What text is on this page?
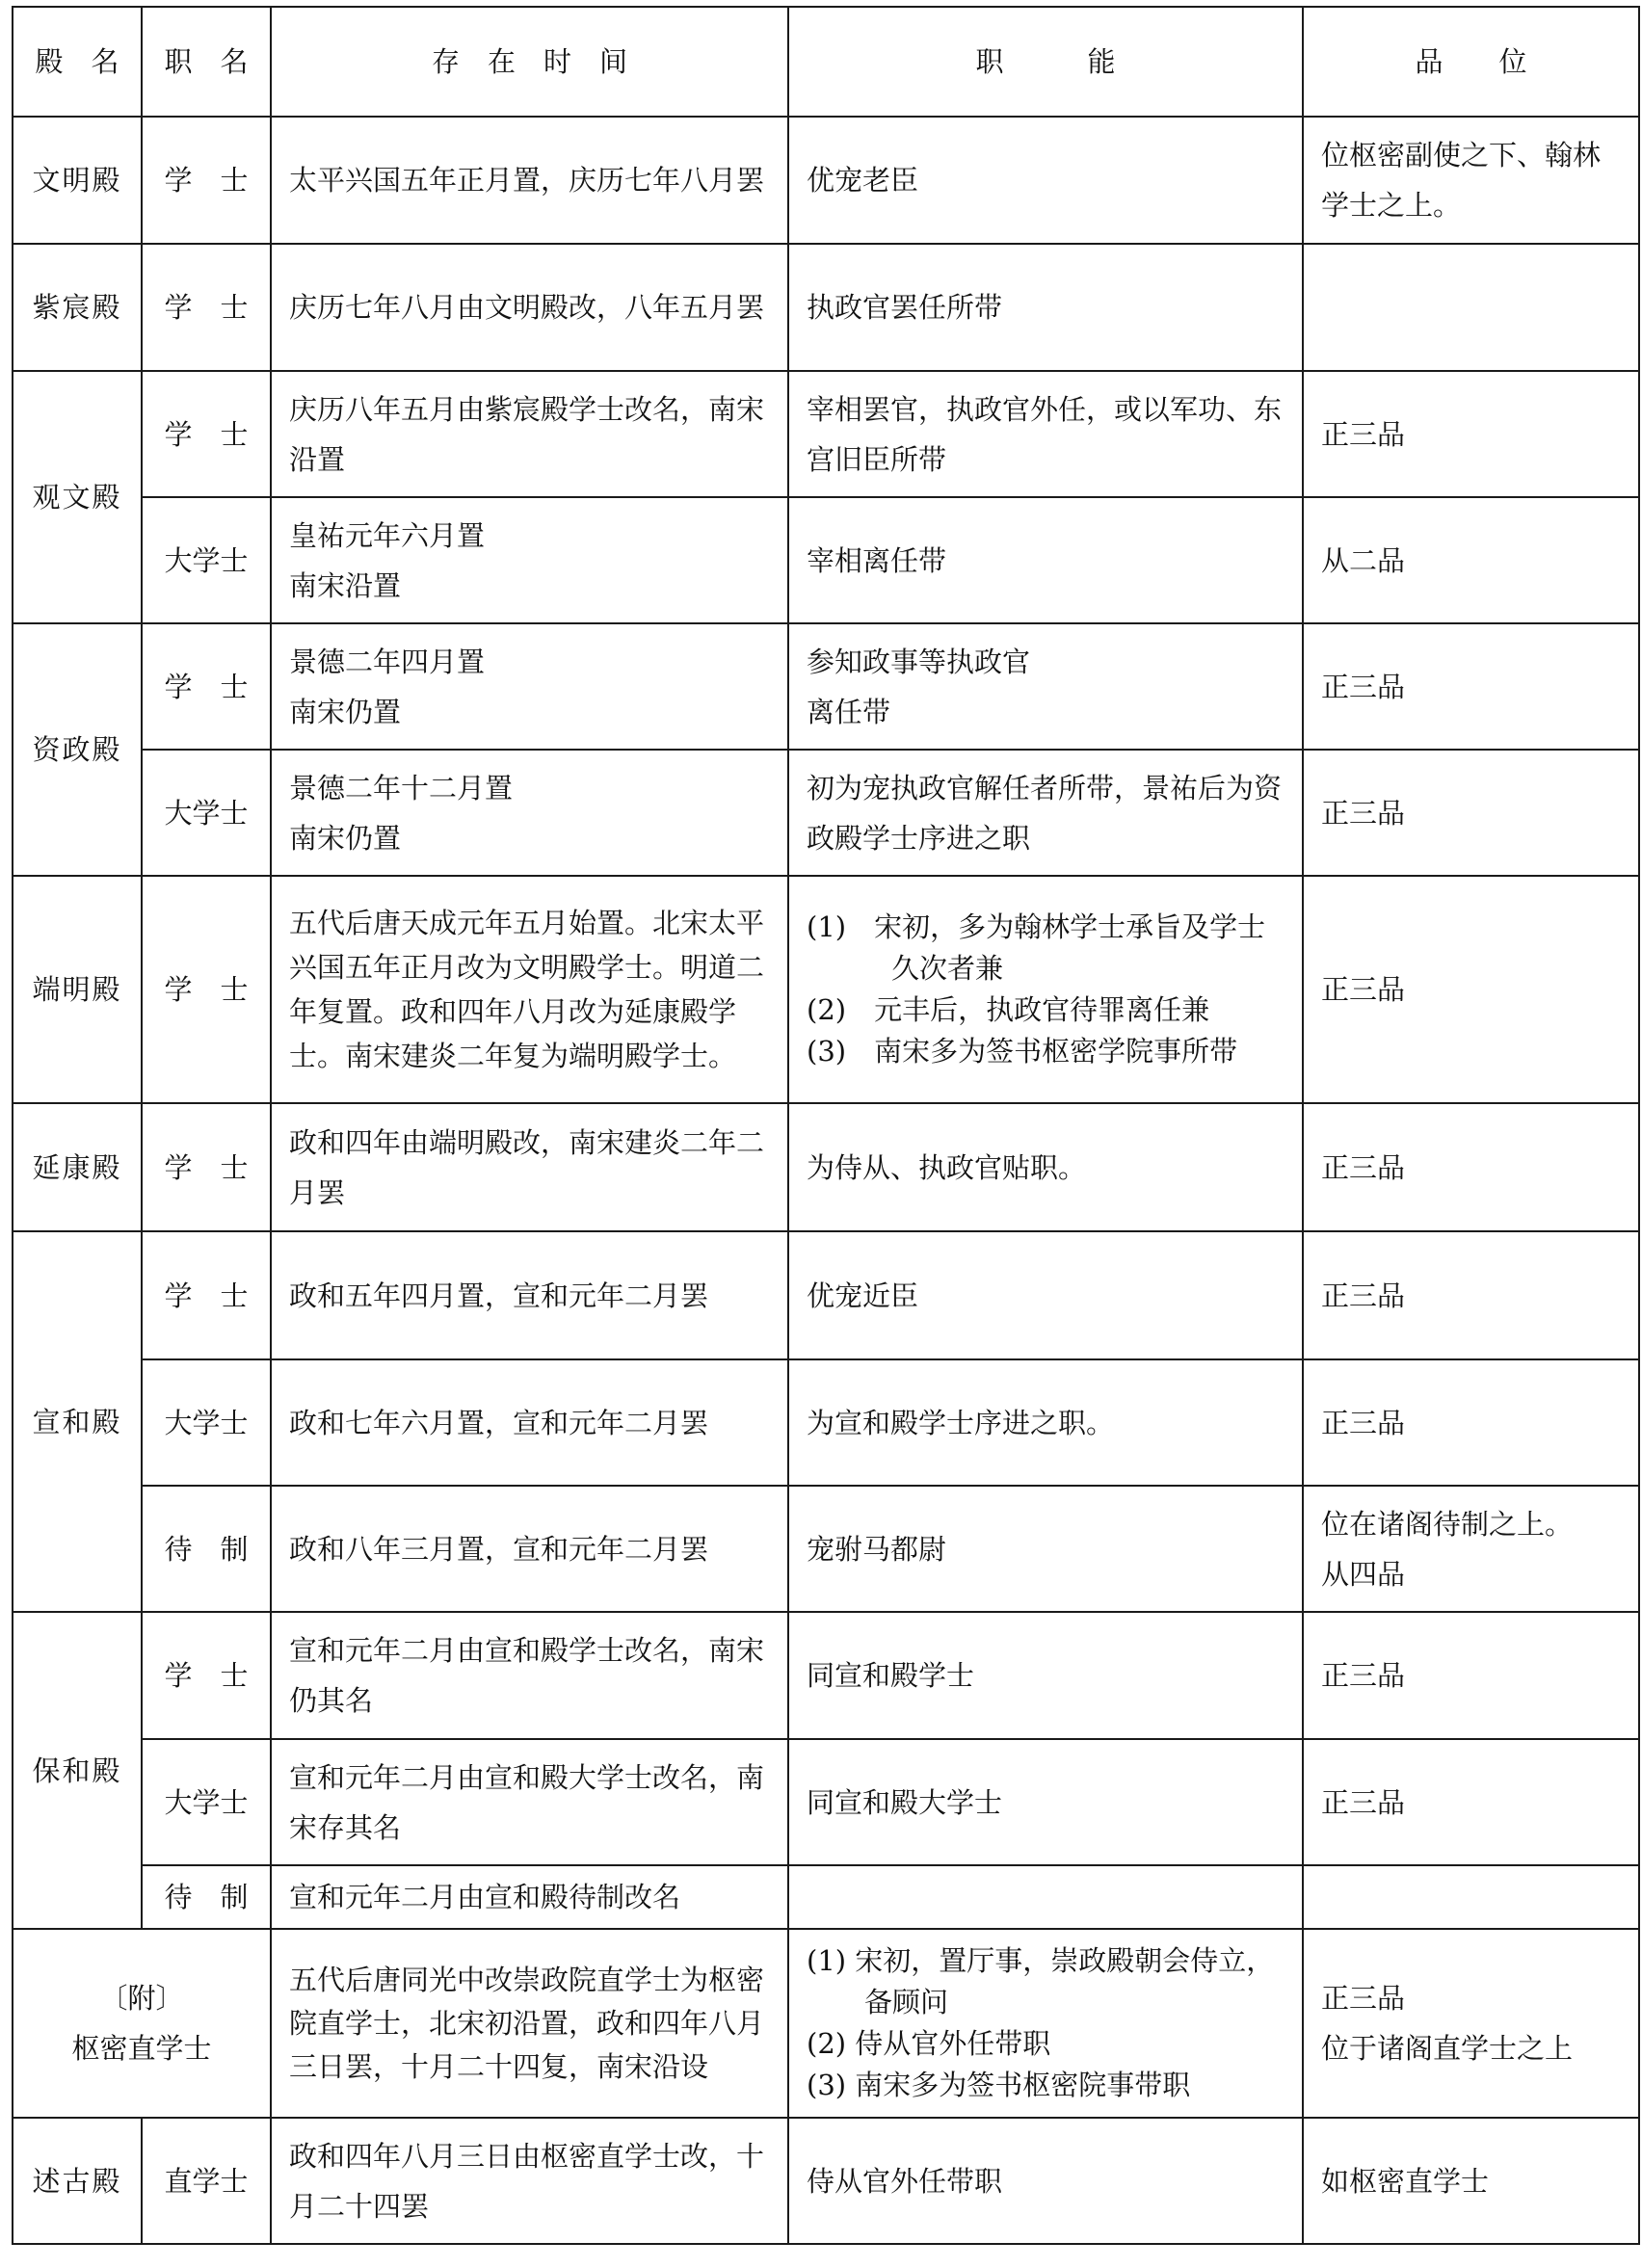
殿　名	职　名	存　在　时　间	职　　　能	品　　位
文明殿	学　士	太平兴国五年正月置，庆历七年八月罢	优宠老臣	位枢密副使之下、翰林学士之上。

紫宸殿	学　士	庆历七年八月由文明殿改，八年五月罢	执政官罢任所带	

观文殿	学　士	庆历八年五月由紫宸殿学士改名，南宋沿置	宰相罢官，执政官外任，或以军功、东宫旧臣所带	正三品

	大学士	皇祐元年六月置
南宋沿置	宰相离任带	从二品

资政殿	学　士	景德二年四月置
南宋仍置	参知政事等执政官
离任带	正三品

	大学士	景德二年十二月置
南宋仍置	初为宠执政官解任者所带，景祐后为资政殿学士序进之职	正三品

端明殿	学　士	五代后唐天成元年五月始置。北宋太平兴国五年正月改为文明殿学士。明道二年复置。政和四年八月改为延康殿学士。南宋建炎二年复为端明殿学士。	(1)　宋初，多为翰林学士承旨及学士久次者兼
(2)　元丰后，执政官待罪离任兼
(3)　南宋多为签书枢密学院事所带	正三品

延康殿	学　士	政和四年由端明殿改，南宋建炎二年二月罢	为侍从、执政官贴职。	正三品

宣和殿	学　士	政和五年四月置，宣和元年二月罢	优宠近臣	正三品

	大学士	政和七年六月置，宣和元年二月罢	为宣和殿学士序进之职。	正三品

	待　制	政和八年三月置，宣和元年二月罢	宠驸马都尉	位在诸阁待制之上。
从四品

保和殿	学　士	宣和元年二月由宣和殿学士改名，南宋仍其名	同宣和殿学士	正三品

	大学士	宣和元年二月由宣和殿大学士改名，南宋存其名	同宣和殿大学士	正三品

	待　制	宣和元年二月由宣和殿待制改名		

〔附〕
枢密直学士		五代后唐同光中改崇政院直学士为枢密院直学士，北宋初沿置，政和四年八月三日罢，十月二十四复，南宋沿设	(1) 宋初，置厅事，崇政殿朝会侍立，备顾问
(2) 侍从官外任带职
(3) 南宋多为签书枢密院事带职	正三品
位于诸阁直学士之上

述古殿	直学士	政和四年八月三日由枢密直学士改，十月二十四罢	侍从官外任带职	如枢密直学士
